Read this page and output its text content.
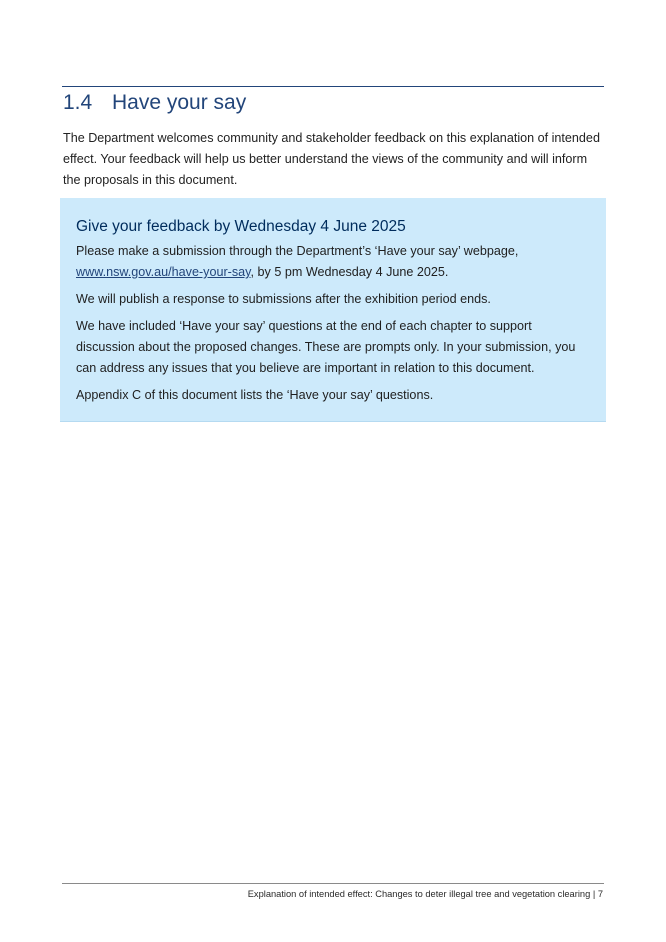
1.4 Have your say

The Department welcomes community and stakeholder feedback on this explanation of intended effect. Your feedback will help us better understand the views of the community and will inform the proposals in this document.

Give your feedback by Wednesday 4 June 2025

Please make a submission through the Department’s ‘Have your say’ webpage, www.nsw.gov.au/have-your-say, by 5 pm Wednesday 4 June 2025.

We will publish a response to submissions after the exhibition period ends.

We have included ‘Have your say’ questions at the end of each chapter to support discussion about the proposed changes. These are prompts only. In your submission, you can address any issues that you believe are important in relation to this document.

Appendix C of this document lists the ‘Have your say’ questions.

Explanation of intended effect: Changes to deter illegal tree and vegetation clearing | 7
